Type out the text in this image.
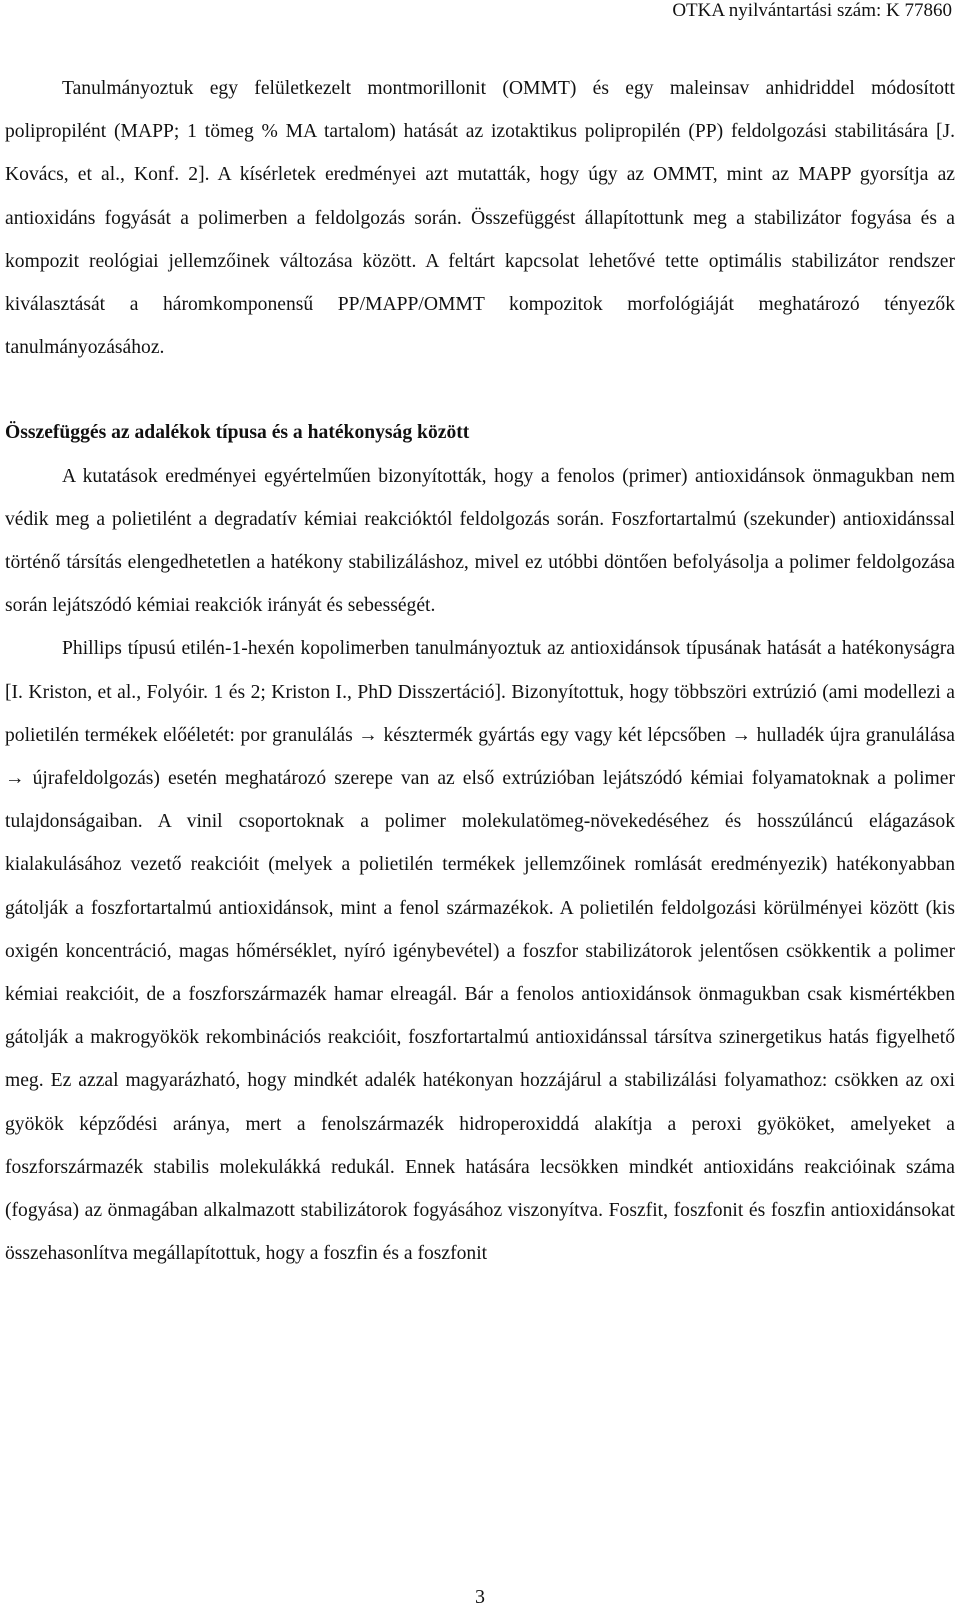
OTKA nyilvántartási szám: K 77860

Tanulmányoztuk egy felületkezelt montmorillonit (OMMT) és egy maleinsav anhidriddel módosított polipropilént (MAPP; 1 tömeg % MA tartalom) hatását az izotaktikus polipropilén (PP) feldolgozási stabilitására [J. Kovács, et al., Konf. 2]. A kísérletek eredményei azt mutatták, hogy úgy az OMMT, mint az MAPP gyorsítja az antioxidáns fogyását a polimerben a feldolgozás során. Összefüggést állapítottunk meg a stabilizátor fogyása és a kompozit reológiai jellemzőinek változása között. A feltárt kapcsolat lehetővé tette optimális stabilizátor rendszer kiválasztását a háromkomponensű PP/MAPP/OMMT kompozitok morfológiáját meghatározó tényezők tanulmányozásához.

Összefüggés az adalékok típusa és a hatékonyság között

A kutatások eredményei egyértelműen bizonyították, hogy a fenolos (primer) antioxidánsok önmagukban nem védik meg a polietilént a degradatív kémiai reakcióktól feldolgozás során. Foszfortartalmú (szekunder) antioxidánssal történő társítás elengedhetetlen a hatékony stabilizáláshoz, mivel ez utóbbi döntően befolyásolja a polimer feldolgozása során lejátszódó kémiai reakciók irányát és sebességét.

Phillips típusú etilén-1-hexén kopolimerben tanulmányoztuk az antioxidánsok típusának hatását a hatékonyságra [I. Kriston, et al., Folyóir. 1 és 2; Kriston I., PhD Disszertáció]. Bizonyítottuk, hogy többszöri extrúzió (ami modellezi a polietilén termékek előéletét: por granulálás → késztermék gyártás egy vagy két lépcsőben → hulladék újra granulálása → újrafeldolgozás) esetén meghatározó szerepe van az első extrúzióban lejátszódó kémiai folyamatoknak a polimer tulajdonságaiban. A vinil csoportoknak a polimer molekulatömeg-növekedéséhez és hosszúláncú elágazások kialakulásához vezető reakcióit (melyek a polietilén termékek jellemzőinek romlását eredményezik) hatékonyabban gátolják a foszfortartalmú antioxidánsok, mint a fenol származékok. A polietilén feldolgozási körülményei között (kis oxigén koncentráció, magas hőmérséklet, nyíró igénybevétel) a foszfor stabilizátorok jelentősen csökkentik a polimer kémiai reakcióit, de a foszforszármazék hamar elreagál. Bár a fenolos antioxidánsok önmagukban csak kismértékben gátolják a makrogyökök rekombinációs reakcióit, foszfortartalmú antioxidánssal társítva szinergetikus hatás figyelhető meg. Ez azzal magyarázható, hogy mindkét adalék hatékonyan hozzájárul a stabilizálási folyamathoz: csökken az oxi gyökök képződési aránya, mert a fenolszármazék hidroperoxiddá alakítja a peroxi gyököket, amelyeket a foszforszármazék stabilis molekulákká redukál. Ennek hatására lecsökken mindkét antioxidáns reakcióinak száma (fogyása) az önmagában alkalmazott stabilizátorok fogyásához viszonyítva. Foszfit, foszfonit és foszfin antioxidánsokat összehasonlítva megállapítottuk, hogy a foszfin és a foszfonit

3
